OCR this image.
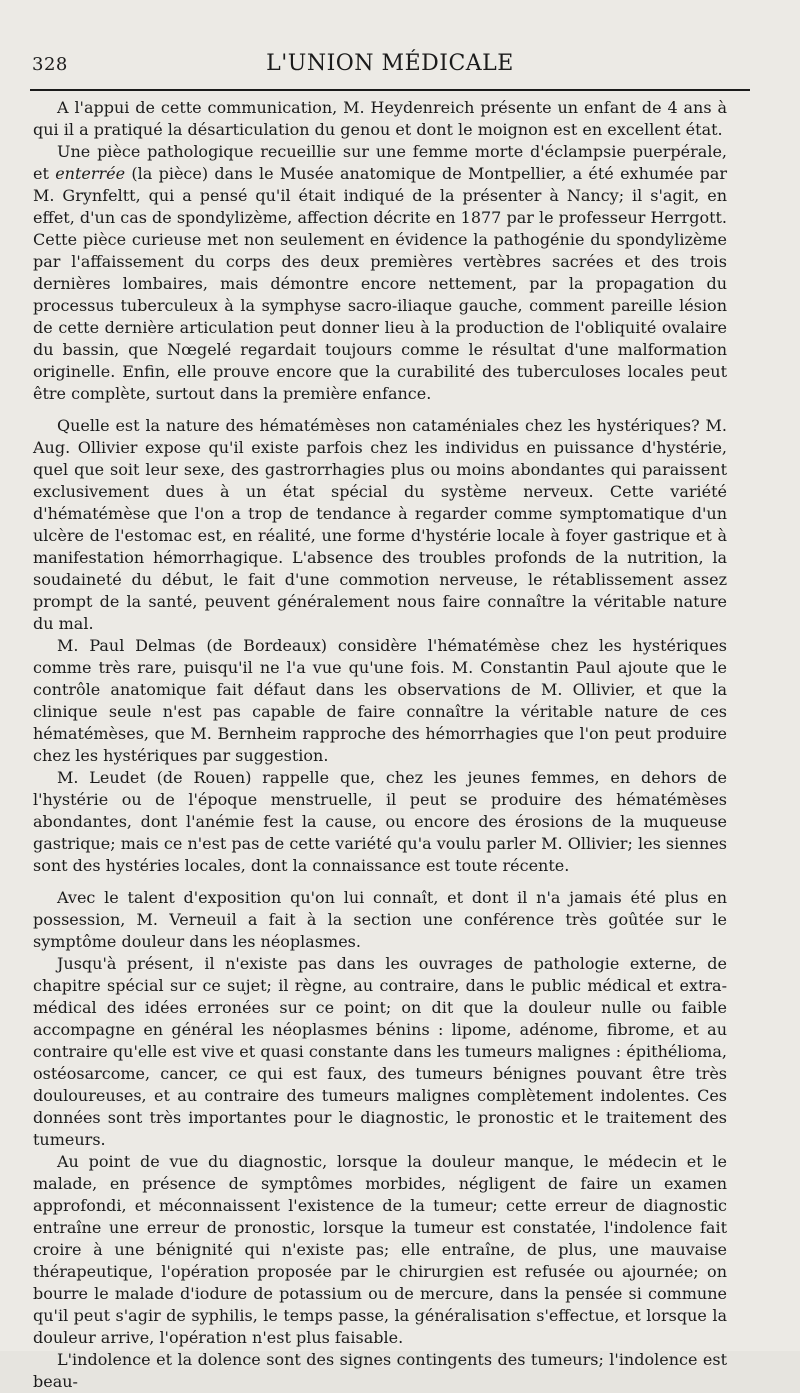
328	L'UNION MÉDICALE

A l'appui de cette communication, M. Heydenreich présente un enfant de 4 ans à qui il a pratiqué la désarticulation du genou et dont le moignon est en excellent état.

Une pièce pathologique recueillie sur une femme morte d'éclampsie puerpérale, et enterrée (la pièce) dans le Musée anatomique de Montpellier, a été exhumée par M. Grynfeltt, qui a pensé qu'il était indiqué de la présenter à Nancy; il s'agit, en effet, d'un cas de spondylizème, affection décrite en 1877 par le professeur Herrgott. Cette pièce curieuse met non seulement en évidence la pathogénie du spondylizème par l'affaissement du corps des deux premières vertèbres sacrées et des trois dernières lombaires, mais démontre encore nettement, par la propagation du processus tuberculeux à la symphyse sacro-iliaque gauche, comment pareille lésion de cette dernière articulation peut donner lieu à la production de l'obliquité ovalaire du bassin, que Nœgelé regardait toujours comme le résultat d'une malformation originelle. Enfin, elle prouve encore que la curabilité des tuberculoses locales peut être complète, surtout dans la première enfance.

Quelle est la nature des hématémèses non cataméniales chez les hystériques? M. Aug. Ollivier expose qu'il existe parfois chez les individus en puissance d'hystérie, quel que soit leur sexe, des gastrorrhagies plus ou moins abondantes qui paraissent exclusivement dues à un état spécial du système nerveux. Cette variété d'hématémèse que l'on a trop de tendance à regarder comme symptomatique d'un ulcère de l'estomac est, en réalité, une forme d'hystérie locale à foyer gastrique et à manifestation hémorrhagique. L'absence des troubles profonds de la nutrition, la soudaineté du début, le fait d'une commotion nerveuse, le rétablissement assez prompt de la santé, peuvent généralement nous faire connaître la véritable nature du mal.

M. Paul Delmas (de Bordeaux) considère l'hématémèse chez les hystériques comme très rare, puisqu'il ne l'a vue qu'une fois. M. Constantin Paul ajoute que le contrôle anatomique fait défaut dans les observations de M. Ollivier, et que la clinique seule n'est pas capable de faire connaître la véritable nature de ces hématémèses, que M. Bernheim rapproche des hémorrhagies que l'on peut produire chez les hystériques par suggestion.

M. Leudet (de Rouen) rappelle que, chez les jeunes femmes, en dehors de l'hystérie ou de l'époque menstruelle, il peut se produire des hématémèses abondantes, dont l'anémie fest la cause, ou encore des érosions de la muqueuse gastrique; mais ce n'est pas de cette variété qu'a voulu parler M. Ollivier; les siennes sont des hystéries locales, dont la connaissance est toute récente.

Avec le talent d'exposition qu'on lui connaît, et dont il n'a jamais été plus en possession, M. Verneuil a fait à la section une conférence très goûtée sur le symptôme douleur dans les néoplasmes.

Jusqu'à présent, il n'existe pas dans les ouvrages de pathologie externe, de chapitre spécial sur ce sujet; il règne, au contraire, dans le public médical et extra-médical des idées erronées sur ce point; on dit que la douleur nulle ou faible accompagne en général les néoplasmes bénins : lipome, adénome, fibrome, et au contraire qu'elle est vive et quasi constante dans les tumeurs malignes : épithélioma, ostéosarcome, cancer, ce qui est faux, des tumeurs bénignes pouvant être très douloureuses, et au contraire des tumeurs malignes complètement indolentes. Ces données sont très importantes pour le diagnostic, le pronostic et le traitement des tumeurs.

Au point de vue du diagnostic, lorsque la douleur manque, le médecin et le malade, en présence de symptômes morbides, négligent de faire un examen approfondi, et méconnaissent l'existence de la tumeur; cette erreur de diagnostic entraîne une erreur de pronostic, lorsque la tumeur est constatée, l'indolence fait croire à une bénignité qui n'existe pas; elle entraîne, de plus, une mauvaise thérapeutique, l'opération proposée par le chirurgien est refusée ou ajournée; on bourre le malade d'iodure de potassium ou de mercure, dans la pensée si commune qu'il peut s'agir de syphilis, le temps passe, la généralisation s'effectue, et lorsque la douleur arrive, l'opération n'est plus faisable.

L'indolence et la dolence sont des signes contingents des tumeurs; l'indolence est beau-
